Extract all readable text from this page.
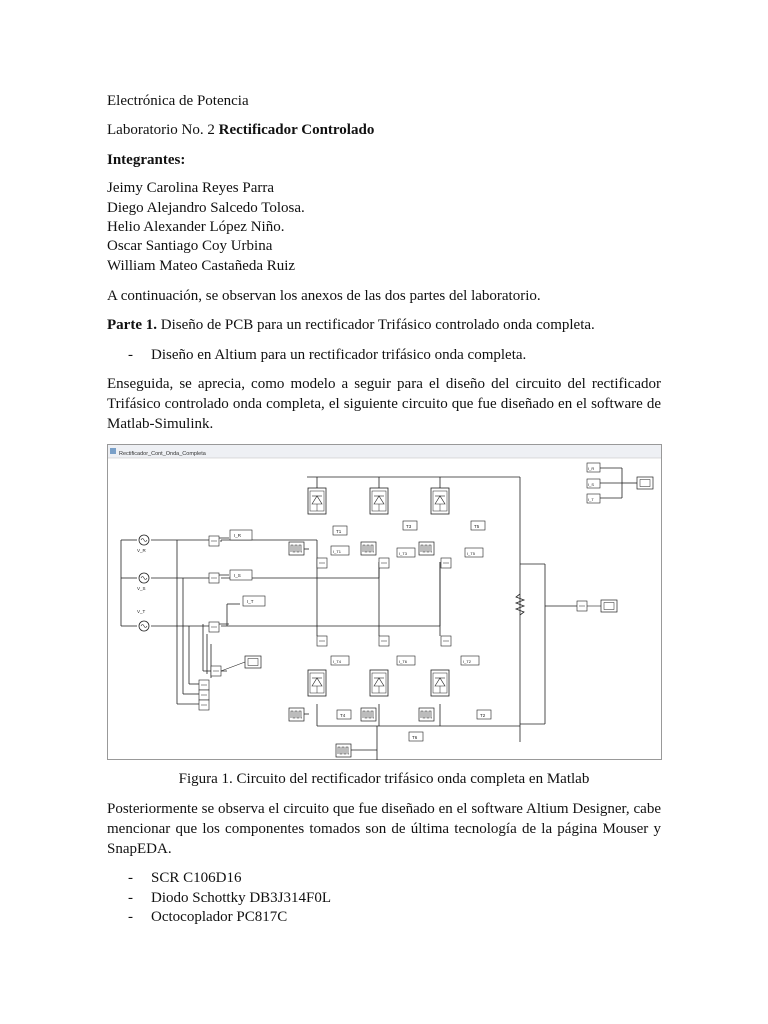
Electrónica de Potencia
Laboratorio No. 2 Rectificador Controlado
Integrantes:
Jeimy Carolina Reyes Parra
Diego Alejandro Salcedo Tolosa.
Helio Alexander López Niño.
Oscar Santiago Coy Urbina
William Mateo Castañeda Ruiz
A continuación, se observan los anexos de las dos partes del laboratorio.
Parte 1. Diseño de PCB para un rectificador Trifásico controlado onda completa.
- Diseño en Altium para un rectificador trifásico onda completa.
Enseguida, se aprecia, como modelo a seguir para el diseño del circuito del rectificador Trifásico controlado onda completa, el siguiente circuito que fue diseñado en el software de Matlab-Simulink.
Rectificador_Cont_Onda_Completa
V_R
V_S
V_T
I_R
I_S
I_T
T1
T3	T5
I_T1	I_T3	I_T5
I_R
I_S
I_T
I_T4	I_T6	I_T2
T4
T6
T2
Figura 1. Circuito del rectificador trifásico onda completa en Matlab
Posteriormente se observa el circuito que fue diseñado en el software Altium Designer, cabe mencionar que los componentes tomados son de última tecnología de la página Mouser y SnapEDA.
- SCR C106D16
- Diodo Schottky DB3J314F0L
- Octocoplador PC817C
